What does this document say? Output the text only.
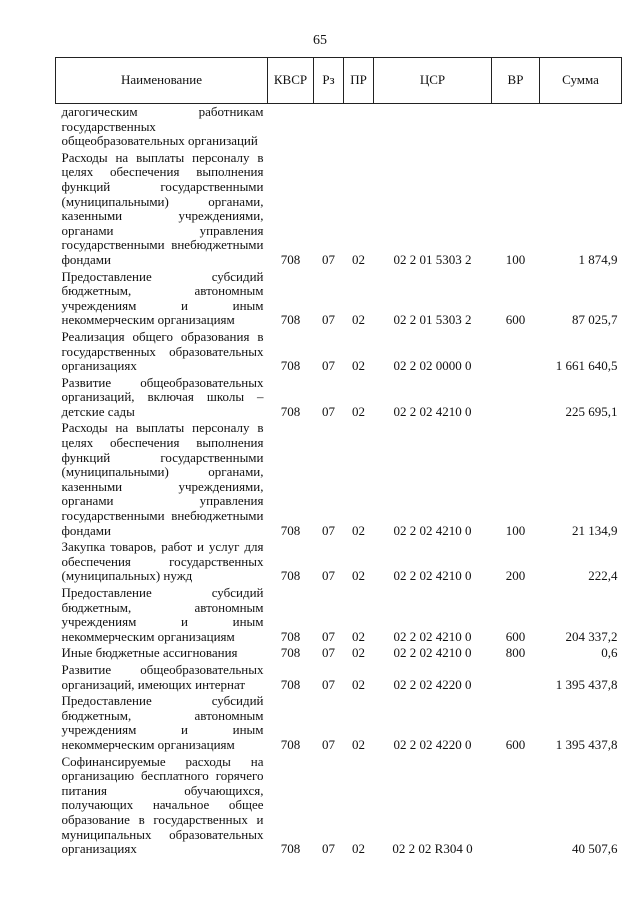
65
Наименование	КВСР	Рз	ПР	ЦСР	ВР	Сумма
дагогическим работникам государственных общеобразовательных организаций						
Расходы на выплаты персоналу в целях обеспечения выполнения функций государственными (муниципальными) органами, казенными учреждениями, органами управления государственными внебюджетными фондами	708	07	02	02 2 01 5303 2	100	1 874,9
Предоставление субсидий бюджетным, автономным учреждениям и иным некоммерческим организациям	708	07	02	02 2 01 5303 2	600	87 025,7
Реализация общего образования в государственных образовательных организациях	708	07	02	02 2 02 0000 0		1 661 640,5
Развитие общеобразовательных организаций, включая школы – детские сады	708	07	02	02 2 02 4210 0		225 695,1
Расходы на выплаты персоналу в целях обеспечения выполнения функций государственными (муниципальными) органами, казенными учреждениями, органами управления государственными внебюджетными фондами	708	07	02	02 2 02 4210 0	100	21 134,9
Закупка товаров, работ и услуг для обеспечения государственных (муниципальных) нужд	708	07	02	02 2 02 4210 0	200	222,4
Предоставление субсидий бюджетным, автономным учреждениям и иным некоммерческим организациям	708	07	02	02 2 02 4210 0	600	204 337,2
Иные бюджетные ассигнования	708	07	02	02 2 02 4210 0	800	0,6
Развитие общеобразовательных организаций, имеющих интернат	708	07	02	02 2 02 4220 0		1 395 437,8
Предоставление субсидий бюджетным, автономным учреждениям и иным некоммерческим организациям	708	07	02	02 2 02 4220 0	600	1 395 437,8
Софинансируемые расходы на организацию бесплатного горячего питания обучающихся, получающих начальное общее образование в государственных и муниципальных образовательных организациях	708	07	02	02 2 02 R304 0		40 507,6
